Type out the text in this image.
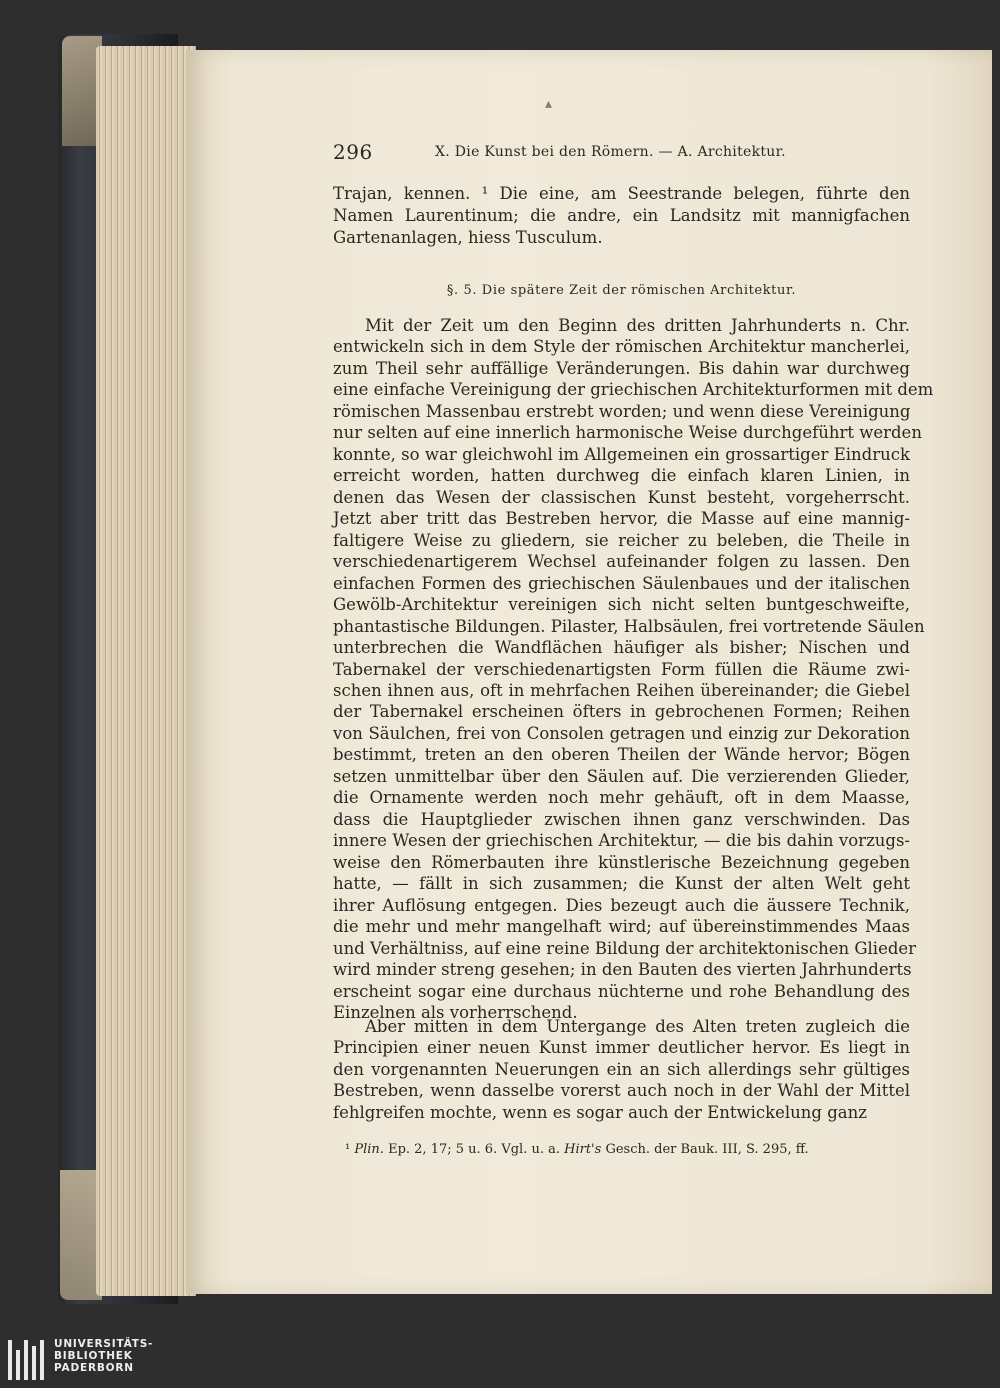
296	X. Die Kunst bei den Römern. — A. Architektur.

Trajan, kennen. ¹ Die eine, am Seestrande belegen, führte den

Namen Laurentinum; die andre, ein Landsitz mit mannigfachen

Gartenanlagen, hiess Tusculum.

§. 5. Die spätere Zeit der römischen Architektur.

Mit der Zeit um den Beginn des dritten Jahrhunderts n. Chr.

entwickeln sich in dem Style der römischen Architektur mancherlei,

zum Theil sehr auffällige Veränderungen. Bis dahin war durchweg

eine einfache Vereinigung der griechischen Architekturformen mit dem

römischen Massenbau erstrebt worden; und wenn diese Vereinigung

nur selten auf eine innerlich harmonische Weise durchgeführt werden

konnte, so war gleichwohl im Allgemeinen ein grossartiger Eindruck

erreicht worden, hatten durchweg die einfach klaren Linien, in

denen das Wesen der classischen Kunst besteht, vorgeherrscht.

Jetzt aber tritt das Bestreben hervor, die Masse auf eine mannig-

faltigere Weise zu gliedern, sie reicher zu beleben, die Theile in

verschiedenartigerem Wechsel aufeinander folgen zu lassen. Den

einfachen Formen des griechischen Säulenbaues und der italischen

Gewölb-Architektur vereinigen sich nicht selten buntgeschweifte,

phantastische Bildungen. Pilaster, Halbsäulen, frei vortretende Säulen

unterbrechen die Wandflächen häufiger als bisher; Nischen und

Tabernakel der verschiedenartigsten Form füllen die Räume zwi-

schen ihnen aus, oft in mehrfachen Reihen übereinander; die Giebel

der Tabernakel erscheinen öfters in gebrochenen Formen; Reihen

von Säulchen, frei von Consolen getragen und einzig zur Dekoration

bestimmt, treten an den oberen Theilen der Wände hervor; Bögen

setzen unmittelbar über den Säulen auf. Die verzierenden Glieder,

die Ornamente werden noch mehr gehäuft, oft in dem Maasse,

dass die Hauptglieder zwischen ihnen ganz verschwinden. Das

innere Wesen der griechischen Architektur, — die bis dahin vorzugs-

weise den Römerbauten ihre künstlerische Bezeichnung gegeben

hatte, — fällt in sich zusammen; die Kunst der alten Welt geht

ihrer Auflösung entgegen. Dies bezeugt auch die äussere Technik,

die mehr und mehr mangelhaft wird; auf übereinstimmendes Maas

und Verhältniss, auf eine reine Bildung der architektonischen Glieder

wird minder streng gesehen; in den Bauten des vierten Jahrhunderts

erscheint sogar eine durchaus nüchterne und rohe Behandlung des

Einzelnen als vorherrschend.

Aber mitten in dem Untergange des Alten treten zugleich die

Principien einer neuen Kunst immer deutlicher hervor. Es liegt in

den vorgenannten Neuerungen ein an sich allerdings sehr gültiges

Bestreben, wenn dasselbe vorerst auch noch in der Wahl der Mittel

fehlgreifen mochte, wenn es sogar auch der Entwickelung ganz

¹ Plin. Ep. 2, 17; 5 u. 6. Vgl. u. a. Hirt's Gesch. der Bauk. III, S. 295, ff.
▴
UNIVERSITÄTS-
BIBLIOTHEK
PADERBORN
